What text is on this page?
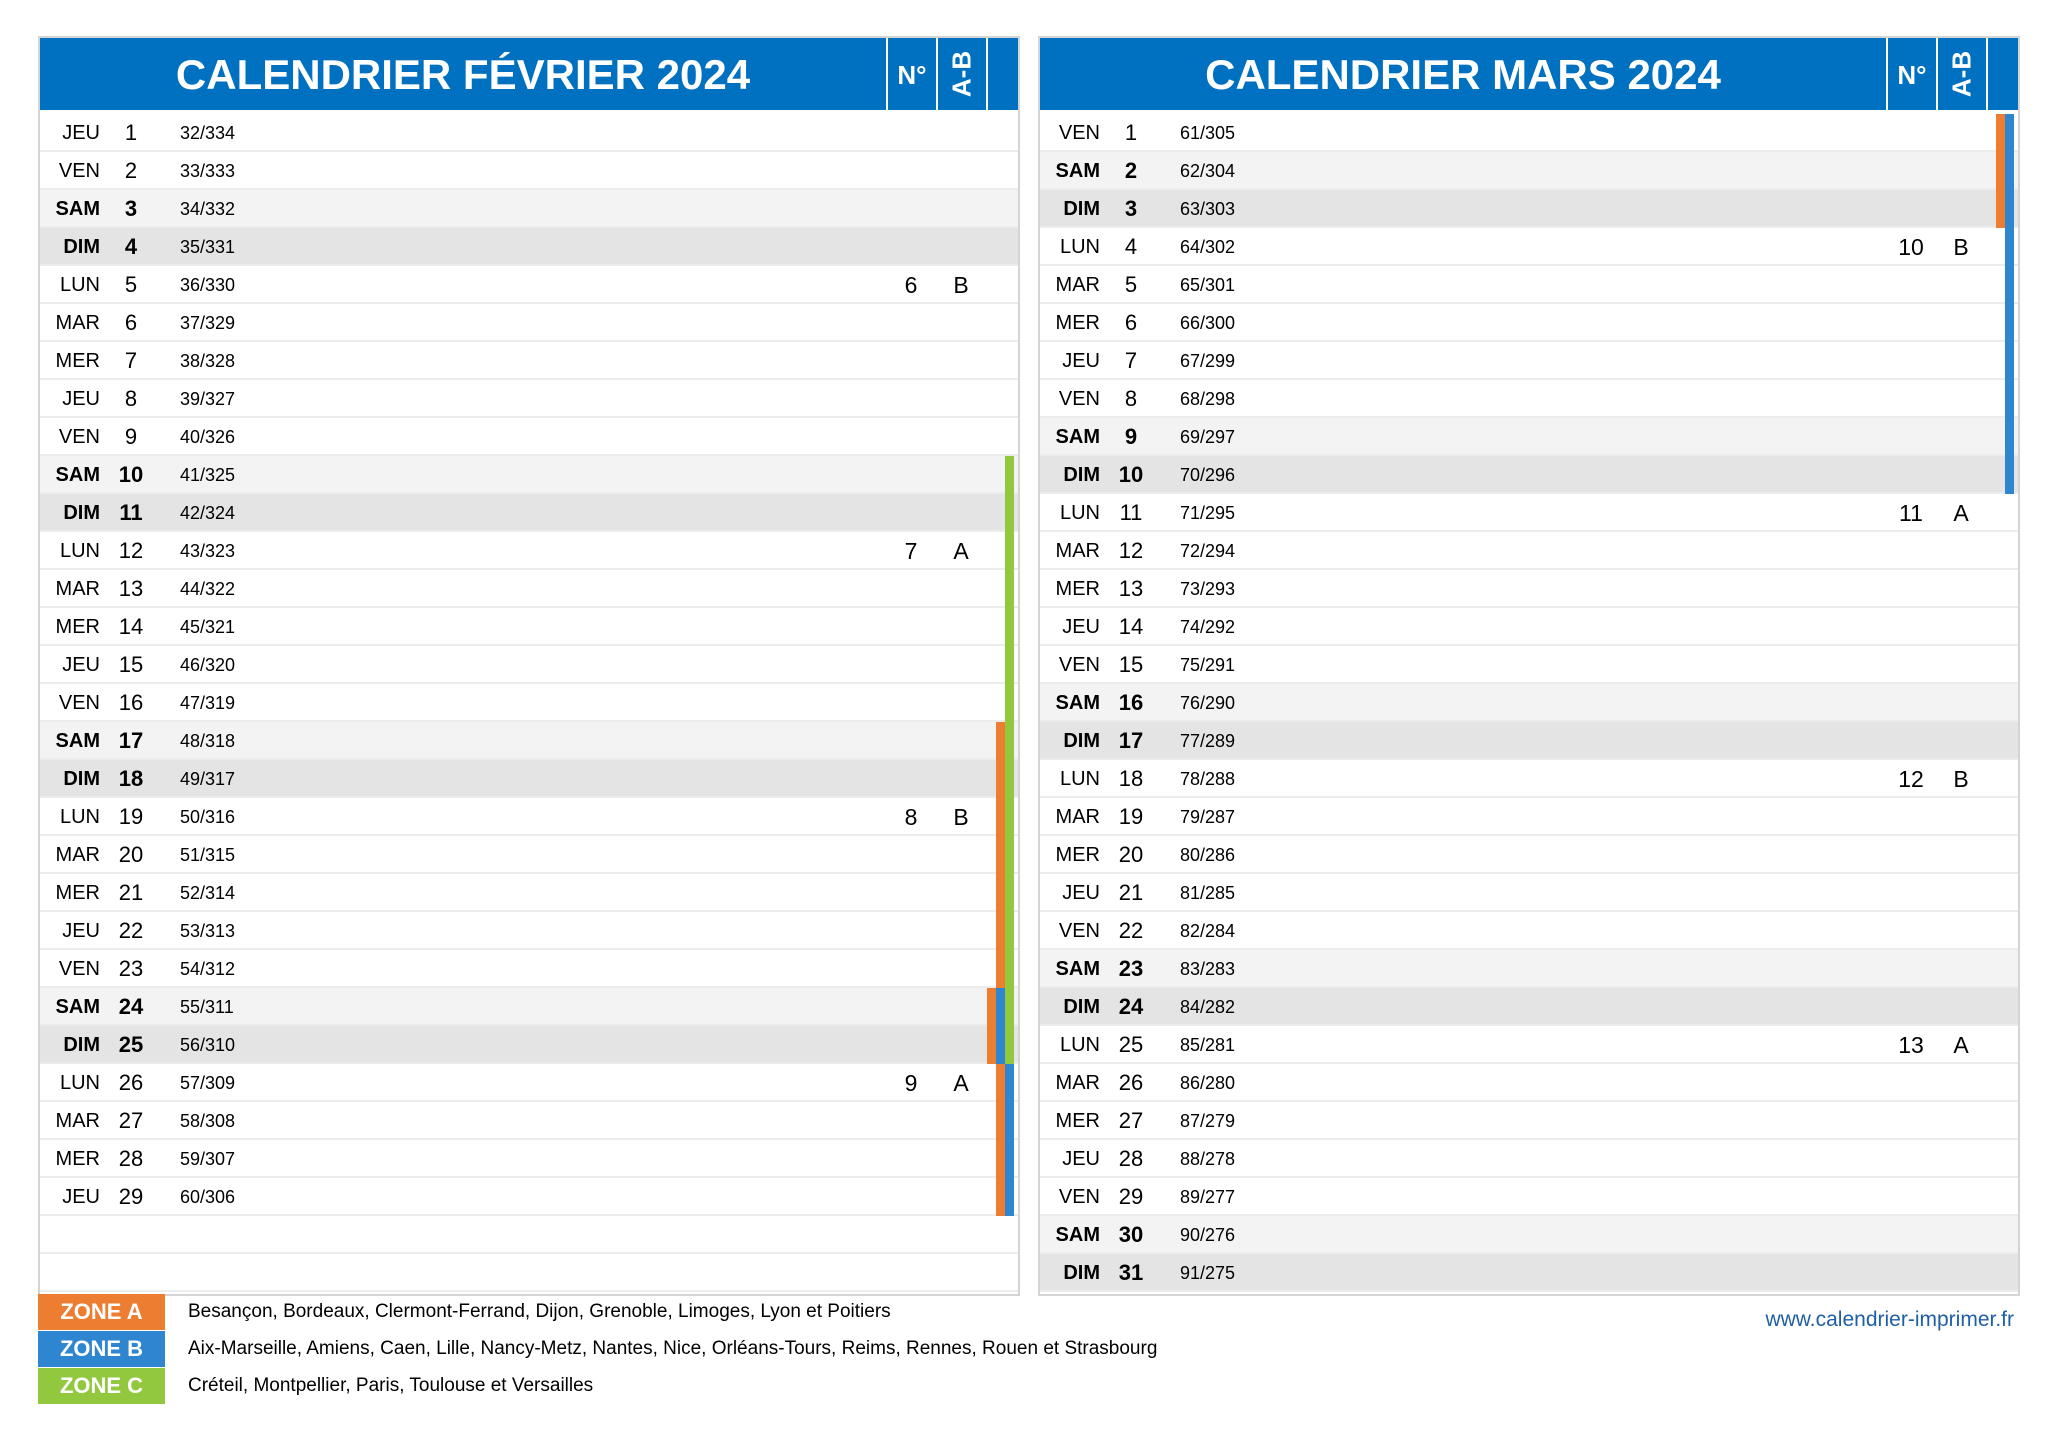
CALENDRIER FÉVRIER 2024	N° A-B
JEU	1	32/334
VEN	2	33/333
SAM	3	34/332
DIM	4	35/331
LUN	5	36/330	6	B
MAR	6	37/329
MER	7	38/328
JEU	8	39/327
VEN	9	40/326
SAM 10	41/325
DIM 11	42/324
LUN 12	43/323	7	A
MAR 13	44/322
MER 14	45/321
JEU 15	46/320
VEN 16	47/319
SAM 17	48/318
DIM 18	49/317
LUN 19	50/316	8	B
MAR 20	51/315
MER 21	52/314
JEU 22	53/313
VEN 23	54/312
SAM 24	55/311
DIM 25	56/310
LUN 26	57/309	9	A
MAR 27	58/308
MER 28	59/307
JEU 29	60/306
CALENDRIER MARS 2024	N° A-B
VEN	1	61/305
SAM	2	62/304
DIM	3	63/303
LUN	4	64/302	10	B
MAR	5	65/301
MER	6	66/300
JEU	7	67/299
VEN	8	68/298
SAM	9	69/297
DIM 10	70/296
LUN 11	71/295	11	A
MAR 12	72/294
MER 13	73/293
JEU 14	74/292
VEN 15	75/291
SAM 16	76/290
DIM 17	77/289
LUN 18	78/288	12	B
MAR 19	79/287
MER 20	80/286
JEU 21	81/285
VEN 22	82/284
SAM 23	83/283
DIM 24	84/282
LUN 25	85/281	13	A
MAR 26	86/280
MER 27	87/279
JEU 28	88/278
VEN 29	89/277
SAM 30	90/276
DIM 31	91/275
ZONE A	Besançon, Bordeaux, Clermont-Ferrand, Dijon, Grenoble, Limoges, Lyon et Poitiers
ZONE B	Aix-Marseille, Amiens, Caen, Lille, Nancy-Metz, Nantes, Nice, Orléans-Tours, Reims, Rennes, Rouen et Strasbourg
ZONE C	Créteil, Montpellier, Paris, Toulouse et Versailles
www.calendrier-imprimer.fr
